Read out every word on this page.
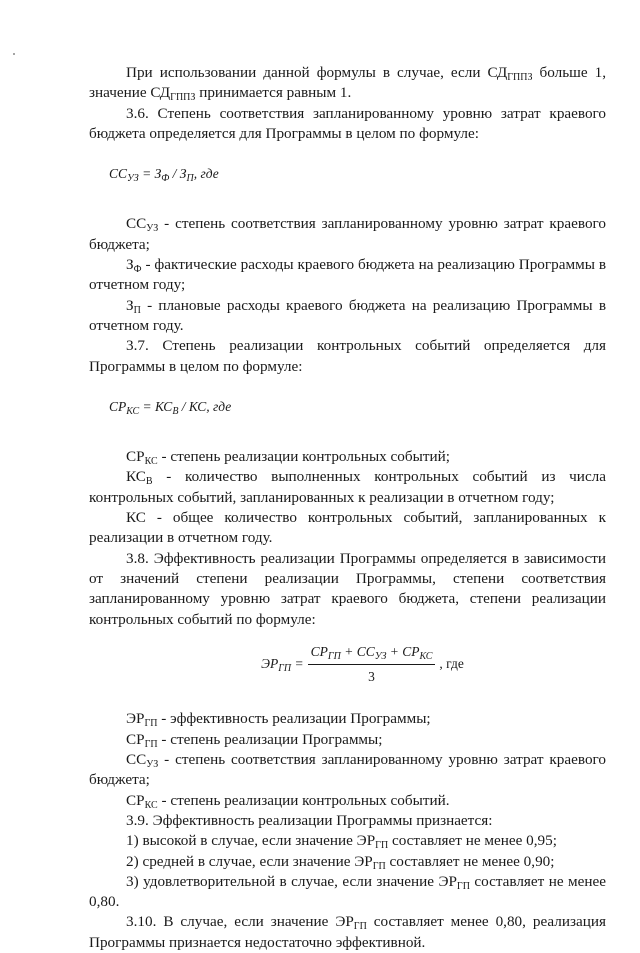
При использовании данной формулы в случае, если $СД_{ГППЗ}$ больше 1, значение $СД_{ГППЗ}$ принимается равным 1.

3.6. Степень соответствия запланированному уровню затрат краевого бюджета определяется для Программы в целом по формуле:

$СС_{УЗ} = З_Ф / З_П$, где

$СС_{УЗ}$ - степень соответствия запланированному уровню затрат краевого бюджета;

$З_Ф$ - фактические расходы краевого бюджета на реализацию Программы в отчетном году;

$З_П$ - плановые расходы краевого бюджета на реализацию Программы в отчетном году.

3.7. Степень реализации контрольных событий определяется для Программы в целом по формуле:

$СР_{КС} = КС_В$ / КС, где

$СР_{КС}$ - степень реализации контрольных событий;

$КС_В$ - количество выполненных контрольных событий из числа контрольных событий, запланированных к реализации в отчетном году;

КС - общее количество контрольных событий, запланированных к реализации в отчетном году.

3.8. Эффективность реализации Программы определяется в зависимости от значений степени реализации Программы, степени соответствия запланированному уровню затрат краевого бюджета, степени реализации контрольных событий по формуле:

$ЭР_{ГП} = \frac{СР_{ГП} + СС_{УЗ} + СР_{КС}}{3}$ , где

$ЭР_{ГП}$ - эффективность реализации Программы;

$СР_{ГП}$ - степень реализации Программы;

$СС_{УЗ}$ - степень соответствия запланированному уровню затрат краевого бюджета;

$СР_{КС}$ - степень реализации контрольных событий.

3.9. Эффективность реализации Программы признается:

1) высокой в случае, если значение $ЭР_{ГП}$ составляет не менее 0,95;

2) средней в случае, если значение $ЭР_{ГП}$ составляет не менее 0,90;

3) удовлетворительной в случае, если значение $ЭР_{ГП}$ составляет не менее 0,80.

3.10. В случае, если значение $ЭР_{ГП}$ составляет менее 0,80, реализация Программы признается недостаточно эффективной.
